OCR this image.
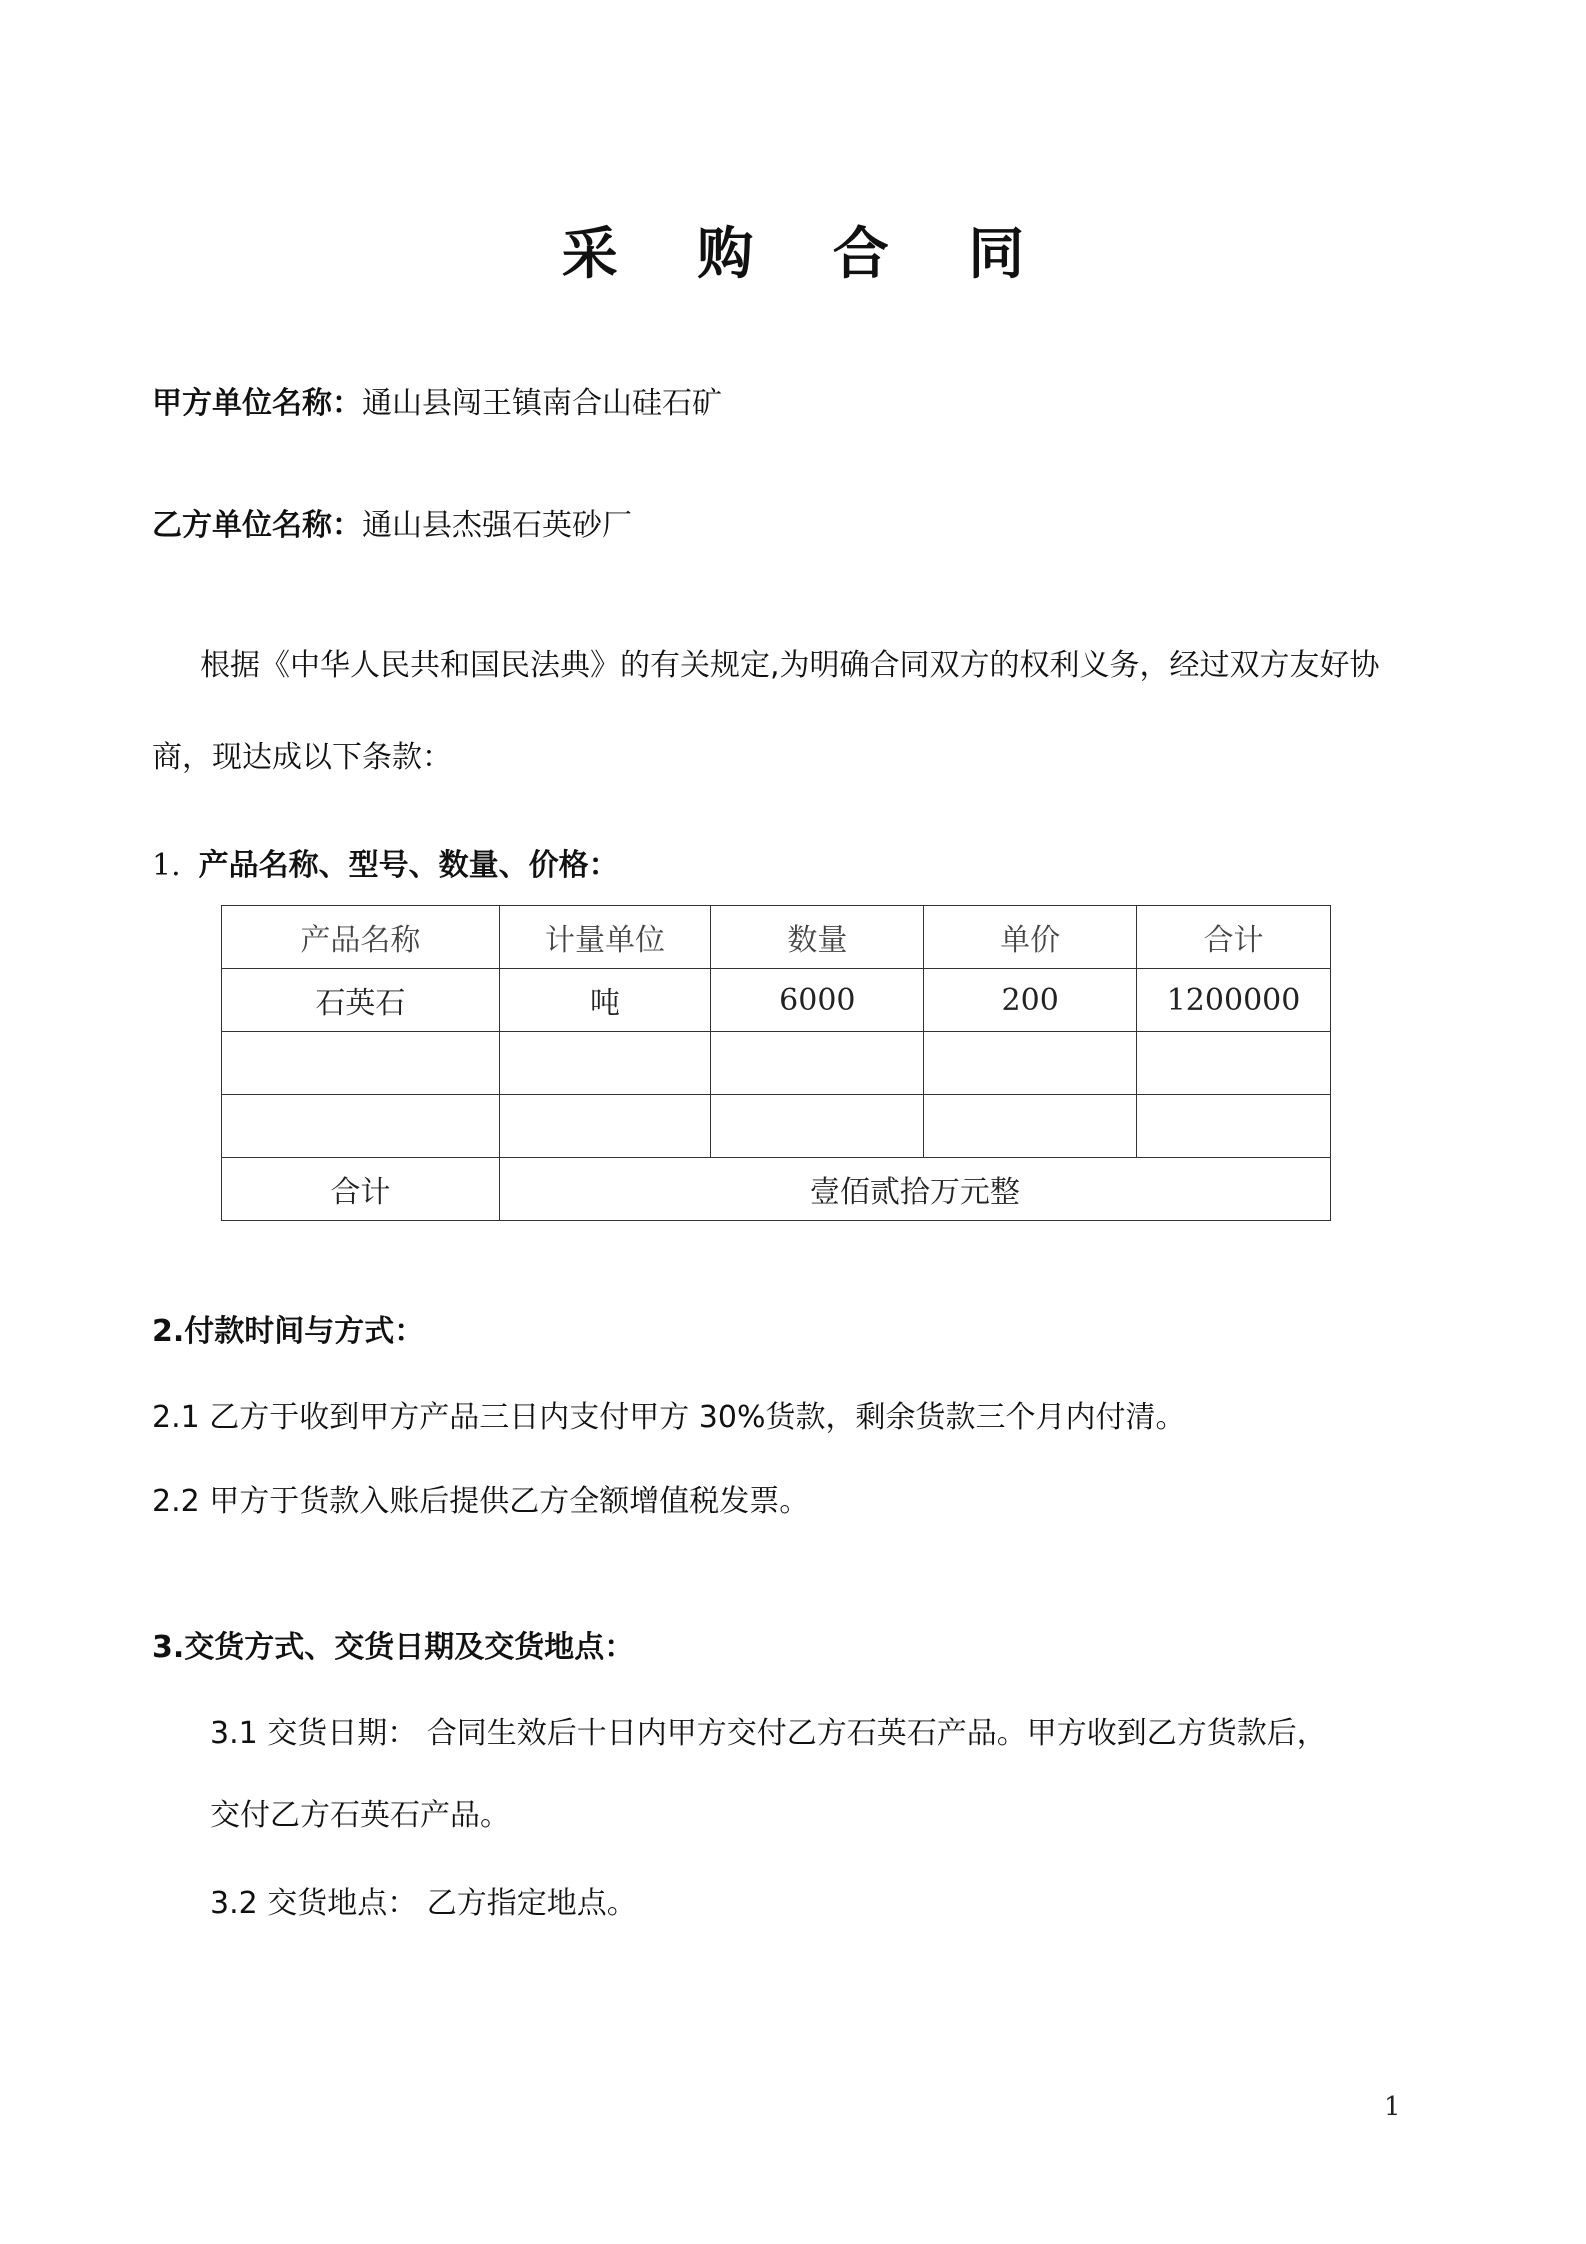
采 购 合 同
甲方单位名称：通山县闯王镇南合山硅石矿
乙方单位名称：通山县杰强石英砂厂
根据《中华人民共和国民法典》的有关规定,为明确合同双方的权利义务，经过双方友好协商，现达成以下条款：
1. 产品名称、型号、数量、价格：
产品名称	计量单位	数量	单价	合计
石英石	吨	6000	200	1200000

合计	壹佰贰拾万元整			
2.付款时间与方式：
2.1 乙方于收到甲方产品三日内支付甲方 30%货款，剩余货款三个月内付清。
2.2 甲方于货款入账后提供乙方全额增值税发票。
3.交货方式、交货日期及交货地点：
3.1 交货日期： 合同生效后十日内甲方交付乙方石英石产品。甲方收到乙方货款后，
交付乙方石英石产品。
3.2 交货地点： 乙方指定地点。
1
